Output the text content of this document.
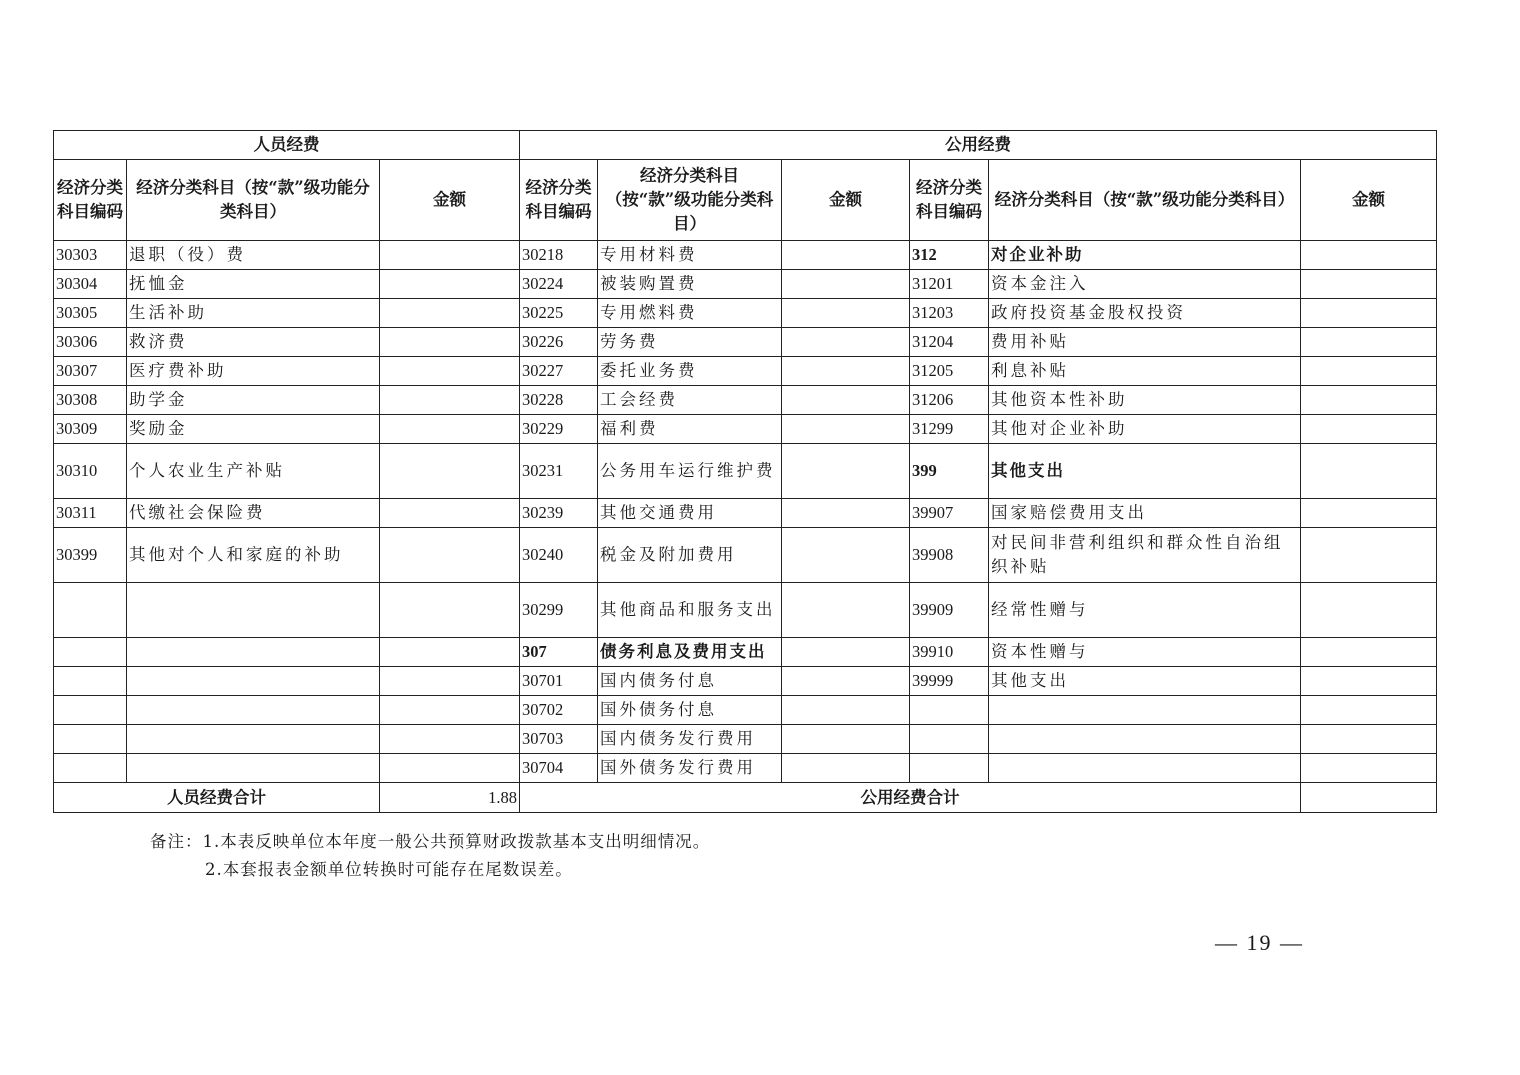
人员经费			公用经费					
经济分类科目编码	经济分类科目（按“款”级功能分类科目）	金额	经济分类科目编码	经济分类科目（按“款”级功能分类科目）	金额	经济分类科目编码	经济分类科目（按“款”级功能分类科目）	金额
30303	退职（役）费		30218	专用材料费		312	对企业补助	
30304	抚恤金		30224	被装购置费		31201	资本金注入	
30305	生活补助		30225	专用燃料费		31203	政府投资基金股权投资	
30306	救济费		30226	劳务费		31204	费用补贴	
30307	医疗费补助		30227	委托业务费		31205	利息补贴	
30308	助学金		30228	工会经费		31206	其他资本性补助	
30309	奖励金		30229	福利费		31299	其他对企业补助	
30310	个人农业生产补贴		30231	公务用车运行维护费		399	其他支出	
30311	代缴社会保险费		30239	其他交通费用		39907	国家赔偿费用支出	
30399	其他对个人和家庭的补助		30240	税金及附加费用		39908	对民间非营利组织和群众性自治组织补贴	
			30299	其他商品和服务支出		39909	经常性赠与	
			307	债务利息及费用支出		39910	资本性赠与	
			30701	国内债务付息		39999	其他支出	
			30702	国外债务付息				
			30703	国内债务发行费用				
			30704	国外债务发行费用				
人员经费合计		1.88	公用经费合计					
备注：1.本表反映单位本年度一般公共预算财政拨款基本支出明细情况。
2.本套报表金额单位转换时可能存在尾数误差。
— 19 —
